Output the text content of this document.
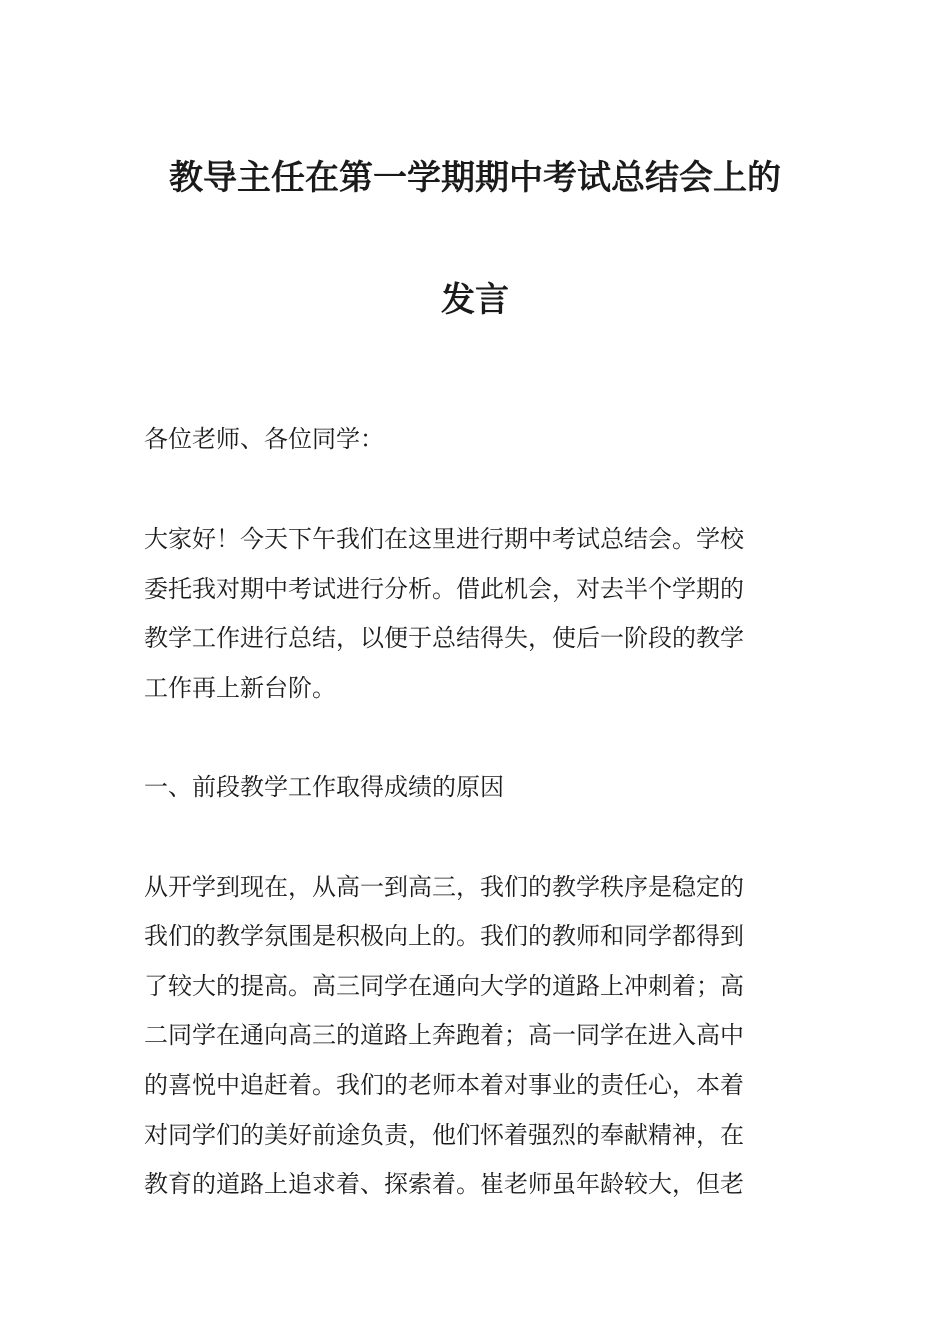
教导主任在第一学期期中考试总结会上的
发言
各位老师、各位同学：
大家好！今天下午我们在这里进行期中考试总结会。学校
委托我对期中考试进行分析。借此机会，对去半个学期的
教学工作进行总结，以便于总结得失，使后一阶段的教学
工作再上新台阶。
一、前段教学工作取得成绩的原因
从开学到现在，从高一到高三，我们的教学秩序是稳定的
我们的教学氛围是积极向上的。我们的教师和同学都得到
了较大的提高。高三同学在通向大学的道路上冲刺着；高
二同学在通向高三的道路上奔跑着；高一同学在进入高中
的喜悦中追赶着。我们的老师本着对事业的责任心，本着
对同学们的美好前途负责，他们怀着强烈的奉献精神，在
教育的道路上追求着、探索着。崔老师虽年龄较大，但老
